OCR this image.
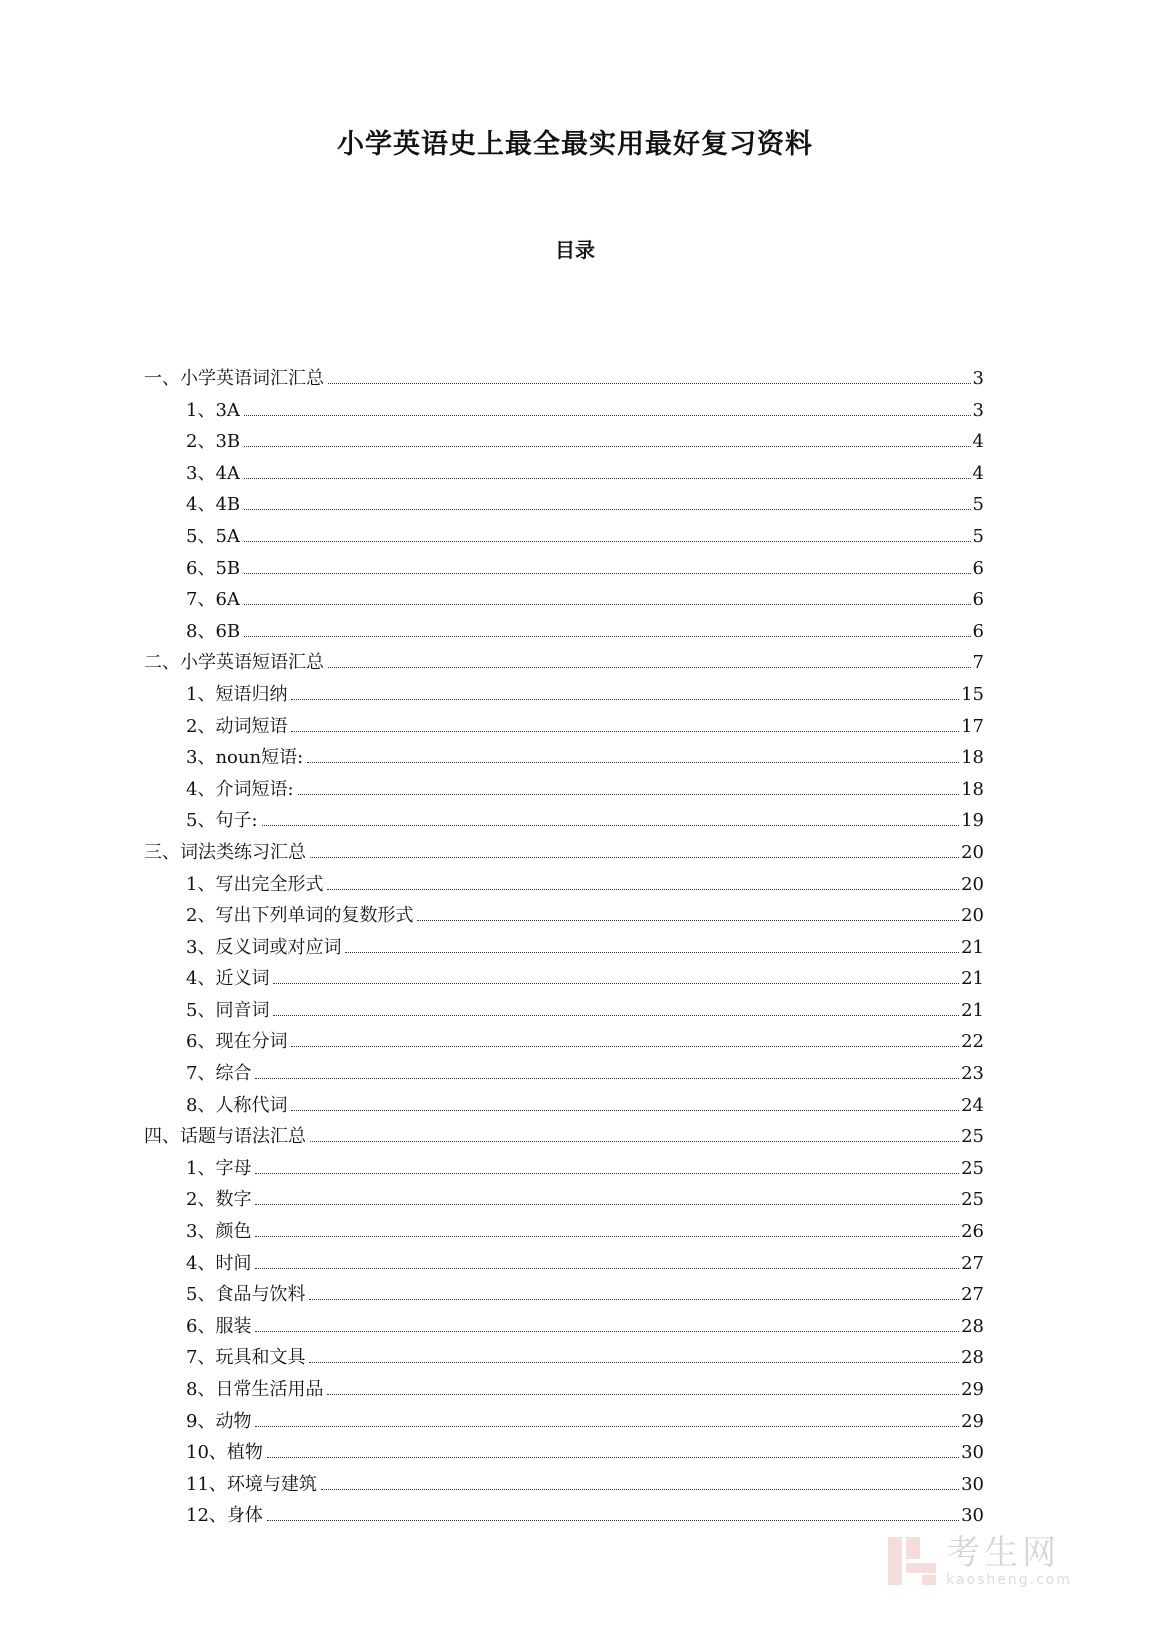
小学英语史上最全最实用最好复习资料
目录
一、小学英语词汇汇总	3
1、3A	3
2、3B	4
3、4A	4
4、4B	5
5、5A	5
6、5B	6
7、6A	6
8、6B	6
二、小学英语短语汇总	7
1、短语归纳	15
2、动词短语	17
3、noun短语:	18
4、介词短语:	18
5、句子:	19
三、词法类练习汇总	20
1、写出完全形式	20
2、写出下列单词的复数形式	20
3、反义词或对应词	21
4、近义词	21
5、同音词	21
6、现在分词	22
7、综合	23
8、人称代词	24
四、话题与语法汇总	25
1、字母	25
2、数字	25
3、颜色	26
4、时间	27
5、食品与饮料	27
6、服装	28
7、玩具和文具	28
8、日常生活用品	29
9、动物	29
10、植物	30
11、环境与建筑	30
12、身体	30
考生网
kaosheng.com
